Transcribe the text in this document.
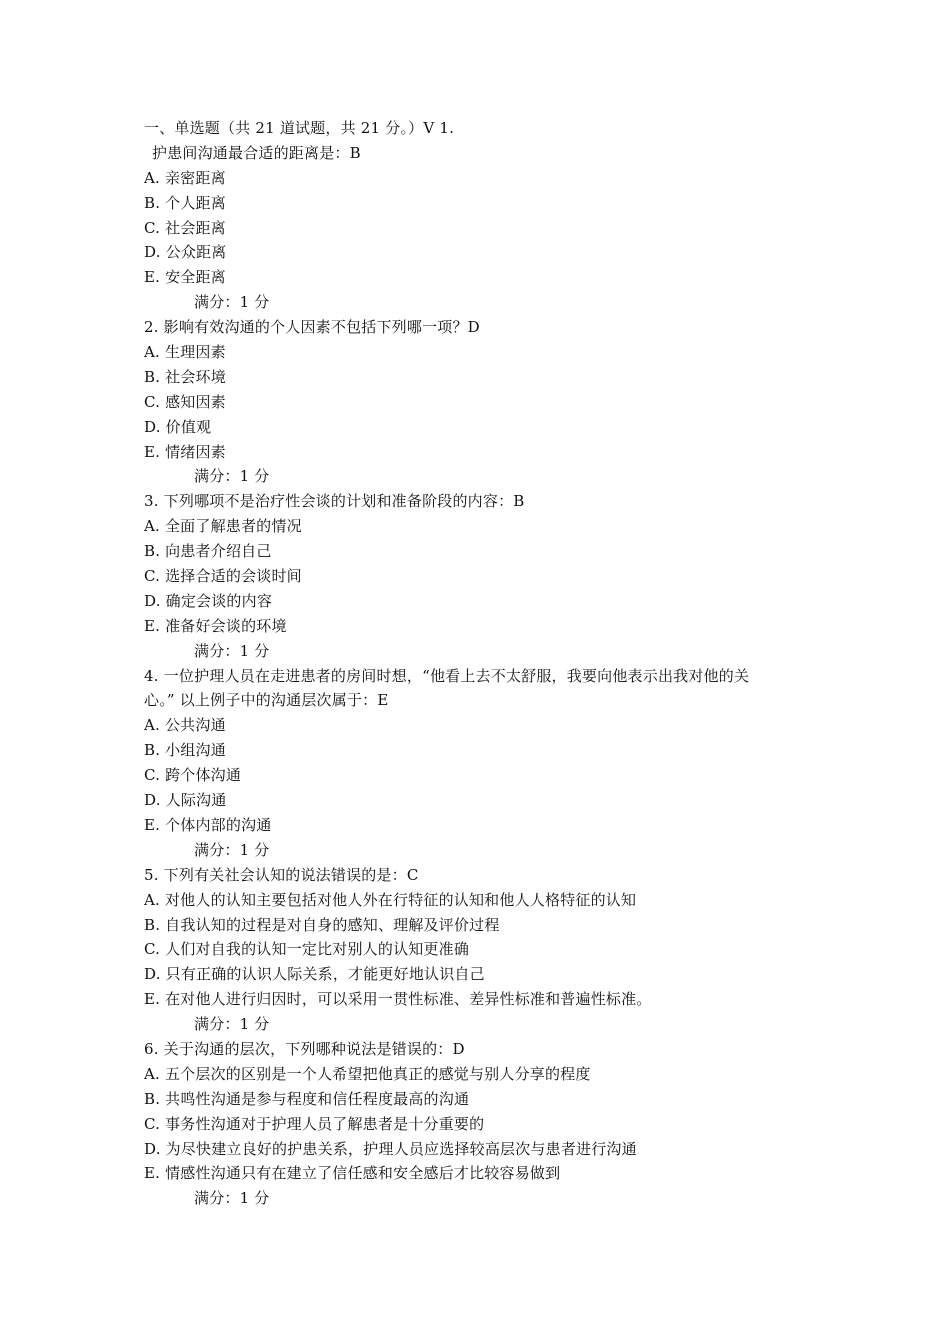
一、单选题（共 21 道试题，共 21 分。）V 1.
护患间沟通最合适的距离是：B
A. 亲密距离
B. 个人距离
C. 社会距离
D. 公众距离
E. 安全距离
满分：1 分
2. 影响有效沟通的个人因素不包括下列哪一项？D
A. 生理因素
B. 社会环境
C. 感知因素
D. 价值观
E. 情绪因素
满分：1 分
3. 下列哪项不是治疗性会谈的计划和准备阶段的内容：B
A. 全面了解患者的情况
B. 向患者介绍自己
C. 选择合适的会谈时间
D. 确定会谈的内容
E. 准备好会谈的环境
满分：1 分
4. 一位护理人员在走进患者的房间时想，“他看上去不太舒服，我要向他表示出我对他的关
心。” 以上例子中的沟通层次属于：E
A. 公共沟通
B. 小组沟通
C. 跨个体沟通
D. 人际沟通
E. 个体内部的沟通
满分：1 分
5. 下列有关社会认知的说法错误的是：C
A. 对他人的认知主要包括对他人外在行特征的认知和他人人格特征的认知
B. 自我认知的过程是对自身的感知、理解及评价过程
C. 人们对自我的认知一定比对别人的认知更准确
D. 只有正确的认识人际关系，才能更好地认识自己
E. 在对他人进行归因时，可以采用一贯性标准、差异性标准和普遍性标准。
满分：1 分
6. 关于沟通的层次，下列哪种说法是错误的：D
A. 五个层次的区别是一个人希望把他真正的感觉与别人分享的程度
B. 共鸣性沟通是参与程度和信任程度最高的沟通
C. 事务性沟通对于护理人员了解患者是十分重要的
D. 为尽快建立良好的护患关系，护理人员应选择较高层次与患者进行沟通
E. 情感性沟通只有在建立了信任感和安全感后才比较容易做到
满分：1 分
